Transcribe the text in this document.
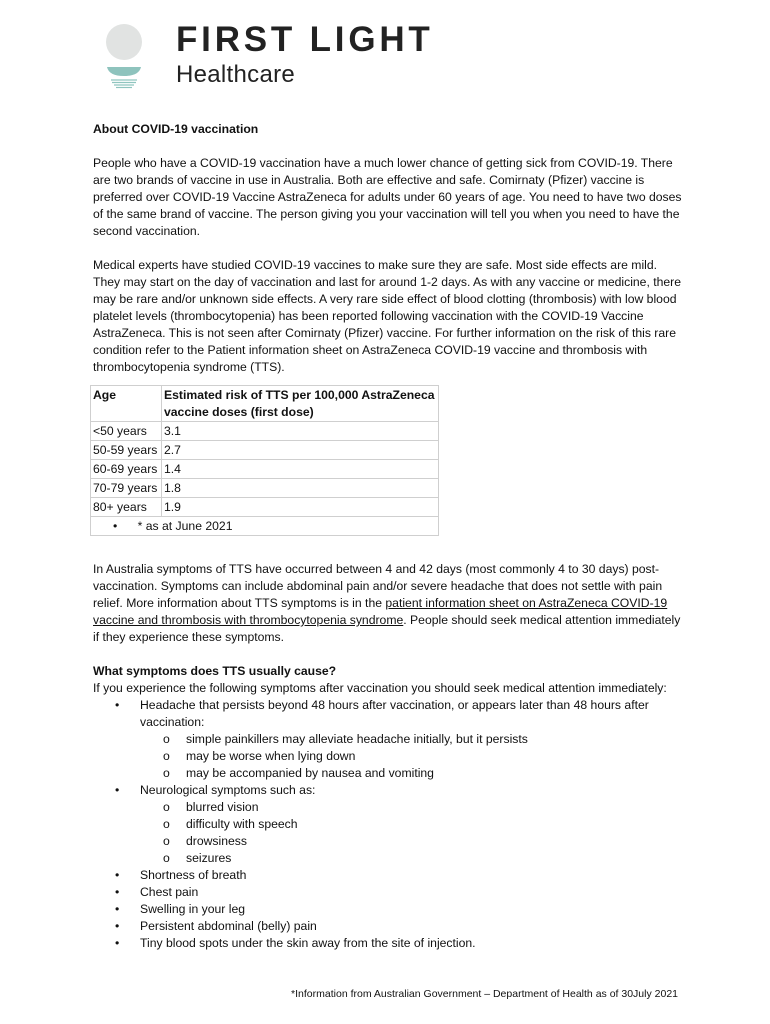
FIRST LIGHT
Healthcare

About COVID-19 vaccination

People who have a COVID-19 vaccination have a much lower chance of getting sick from COVID-19. There are two brands of vaccine in use in Australia. Both are effective and safe. Comirnaty (Pfizer) vaccine is preferred over COVID-19 Vaccine AstraZeneca for adults under 60 years of age. You need to have two doses of the same brand of vaccine. The person giving you your vaccination will tell you when you need to have the second vaccination.

Medical experts have studied COVID-19 vaccines to make sure they are safe. Most side effects are mild. They may start on the day of vaccination and last for around 1-2 days. As with any vaccine or medicine, there may be rare and/or unknown side effects. A very rare side effect of blood clotting (thrombosis) with low blood platelet levels (thrombocytopenia) has been reported following vaccination with the COVID-19 Vaccine AstraZeneca. This is not seen after Comirnaty (Pfizer) vaccine. For further information on the risk of this rare condition refer to the Patient information sheet on AstraZeneca COVID-19 vaccine and thrombosis with thrombocytopenia syndrome (TTS).

Age	Estimated risk of TTS per 100,000 AstraZeneca vaccine doses (first dose)
<50 years	3.1
50-59 years	2.7
60-69 years	1.4
70-79 years	1.8
80+ years	1.9
• * as at June 2021	

In Australia symptoms of TTS have occurred between 4 and 42 days (most commonly 4 to 30 days) post-vaccination. Symptoms can include abdominal pain and/or severe headache that does not settle with pain relief. More information about TTS symptoms is in the patient information sheet on AstraZeneca COVID-19 vaccine and thrombosis with thrombocytopenia syndrome. People should seek medical attention immediately if they experience these symptoms.

What symptoms does TTS usually cause?

If you experience the following symptoms after vaccination you should seek medical attention immediately:

• Headache that persists beyond 48 hours after vaccination, or appears later than 48 hours after vaccination:
o simple painkillers may alleviate headache initially, but it persists
o may be worse when lying down
o may be accompanied by nausea and vomiting
• Neurological symptoms such as:
o blurred vision
o difficulty with speech
o drowsiness
o seizures
• Shortness of breath
• Chest pain
• Swelling in your leg
• Persistent abdominal (belly) pain
• Tiny blood spots under the skin away from the site of injection.
*Information from Australian Government – Department of Health as of 30July 2021
